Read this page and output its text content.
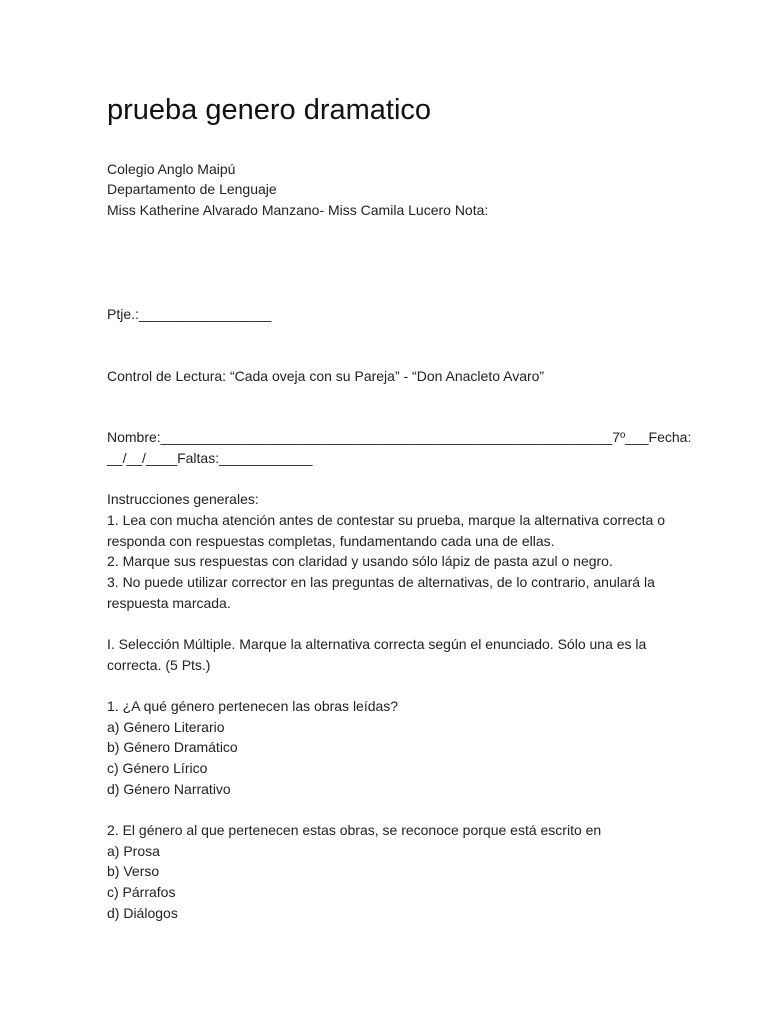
prueba genero dramatico
Colegio Anglo Maipú
Departamento de Lenguaje
Miss Katherine Alvarado Manzano- Miss Camila Lucero Nota:
Ptje.:_________________
Control de Lectura: “Cada oveja con su Pareja” - “Don Anacleto Avaro”
Nombre:__________________________________________________________7º___Fecha:
__/__/____Faltas:____________
Instrucciones generales:

1. Lea con mucha atención antes de contestar su prueba, marque la alternativa correcta o responda con respuestas completas, fundamentando cada una de ellas.

2. Marque sus respuestas con claridad y usando sólo lápiz de pasta azul o negro.

3. No puede utilizar corrector en las preguntas de alternativas, de lo contrario, anulará la respuesta marcada.

I. Selección Múltiple. Marque la alternativa correcta según el enunciado. Sólo una es la correcta. (5 Pts.)

1. ¿A qué género pertenecen las obras leídas?
a) Género Literario
b) Género Dramático
c) Género Lírico
d) Género Narrativo
2. El género al que pertenecen estas obras, se reconoce porque está escrito en
a) Prosa
b) Verso
c) Párrafos
d) Diálogos
